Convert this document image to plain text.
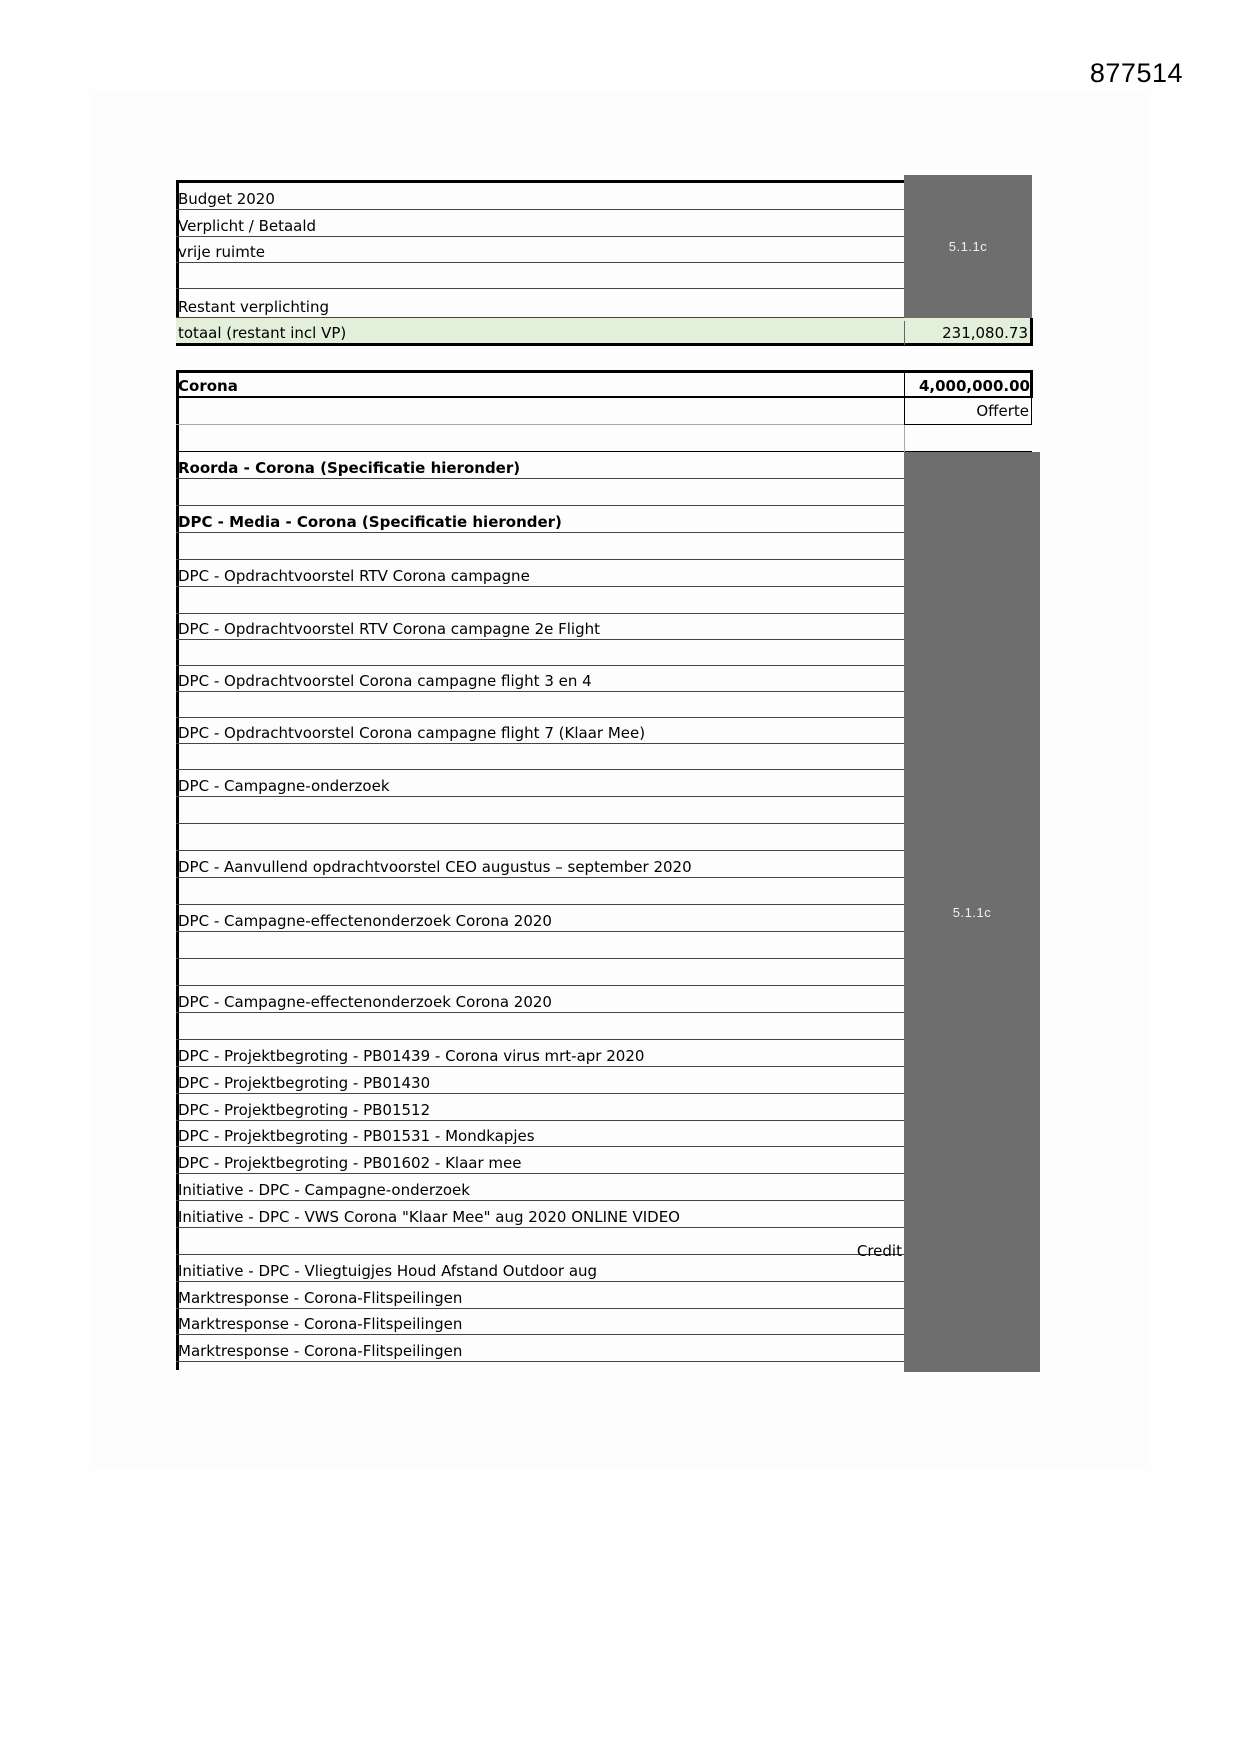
877514
Budget 2020
Verplicht / Betaald
vrije ruimte
Restant verplichting
totaal (restant incl VP)	231,080.73
5.1.1c
Corona	4,000,000.00
Offerte
Roorda - Corona (Specificatie hieronder)
DPC - Media - Corona (Specificatie hieronder)
DPC - Opdrachtvoorstel RTV Corona campagne
DPC - Opdrachtvoorstel RTV Corona campagne 2e Flight
DPC - Opdrachtvoorstel Corona campagne flight 3 en 4
DPC - Opdrachtvoorstel Corona campagne flight 7 (Klaar Mee)
DPC - Campagne-onderzoek
DPC - Aanvullend opdrachtvoorstel CEO augustus – september 2020
DPC - Campagne-effectenonderzoek Corona 2020
DPC - Campagne-effectenonderzoek Corona 2020
DPC - Projektbegroting - PB01439 - Corona virus mrt-apr 2020
DPC - Projektbegroting - PB01430
DPC - Projektbegroting - PB01512
DPC - Projektbegroting - PB01531 - Mondkapjes
DPC - Projektbegroting - PB01602 - Klaar mee
Initiative - DPC - Campagne-onderzoek
Initiative - DPC - VWS Corona "Klaar Mee" aug 2020 ONLINE VIDEO
Initiative - DPC - Vliegtuigjes Houd Afstand Outdoor aug
Marktresponse - Corona-Flitspeilingen
Marktresponse - Corona-Flitspeilingen
Marktresponse - Corona-Flitspeilingen
Credit
5.1.1c
